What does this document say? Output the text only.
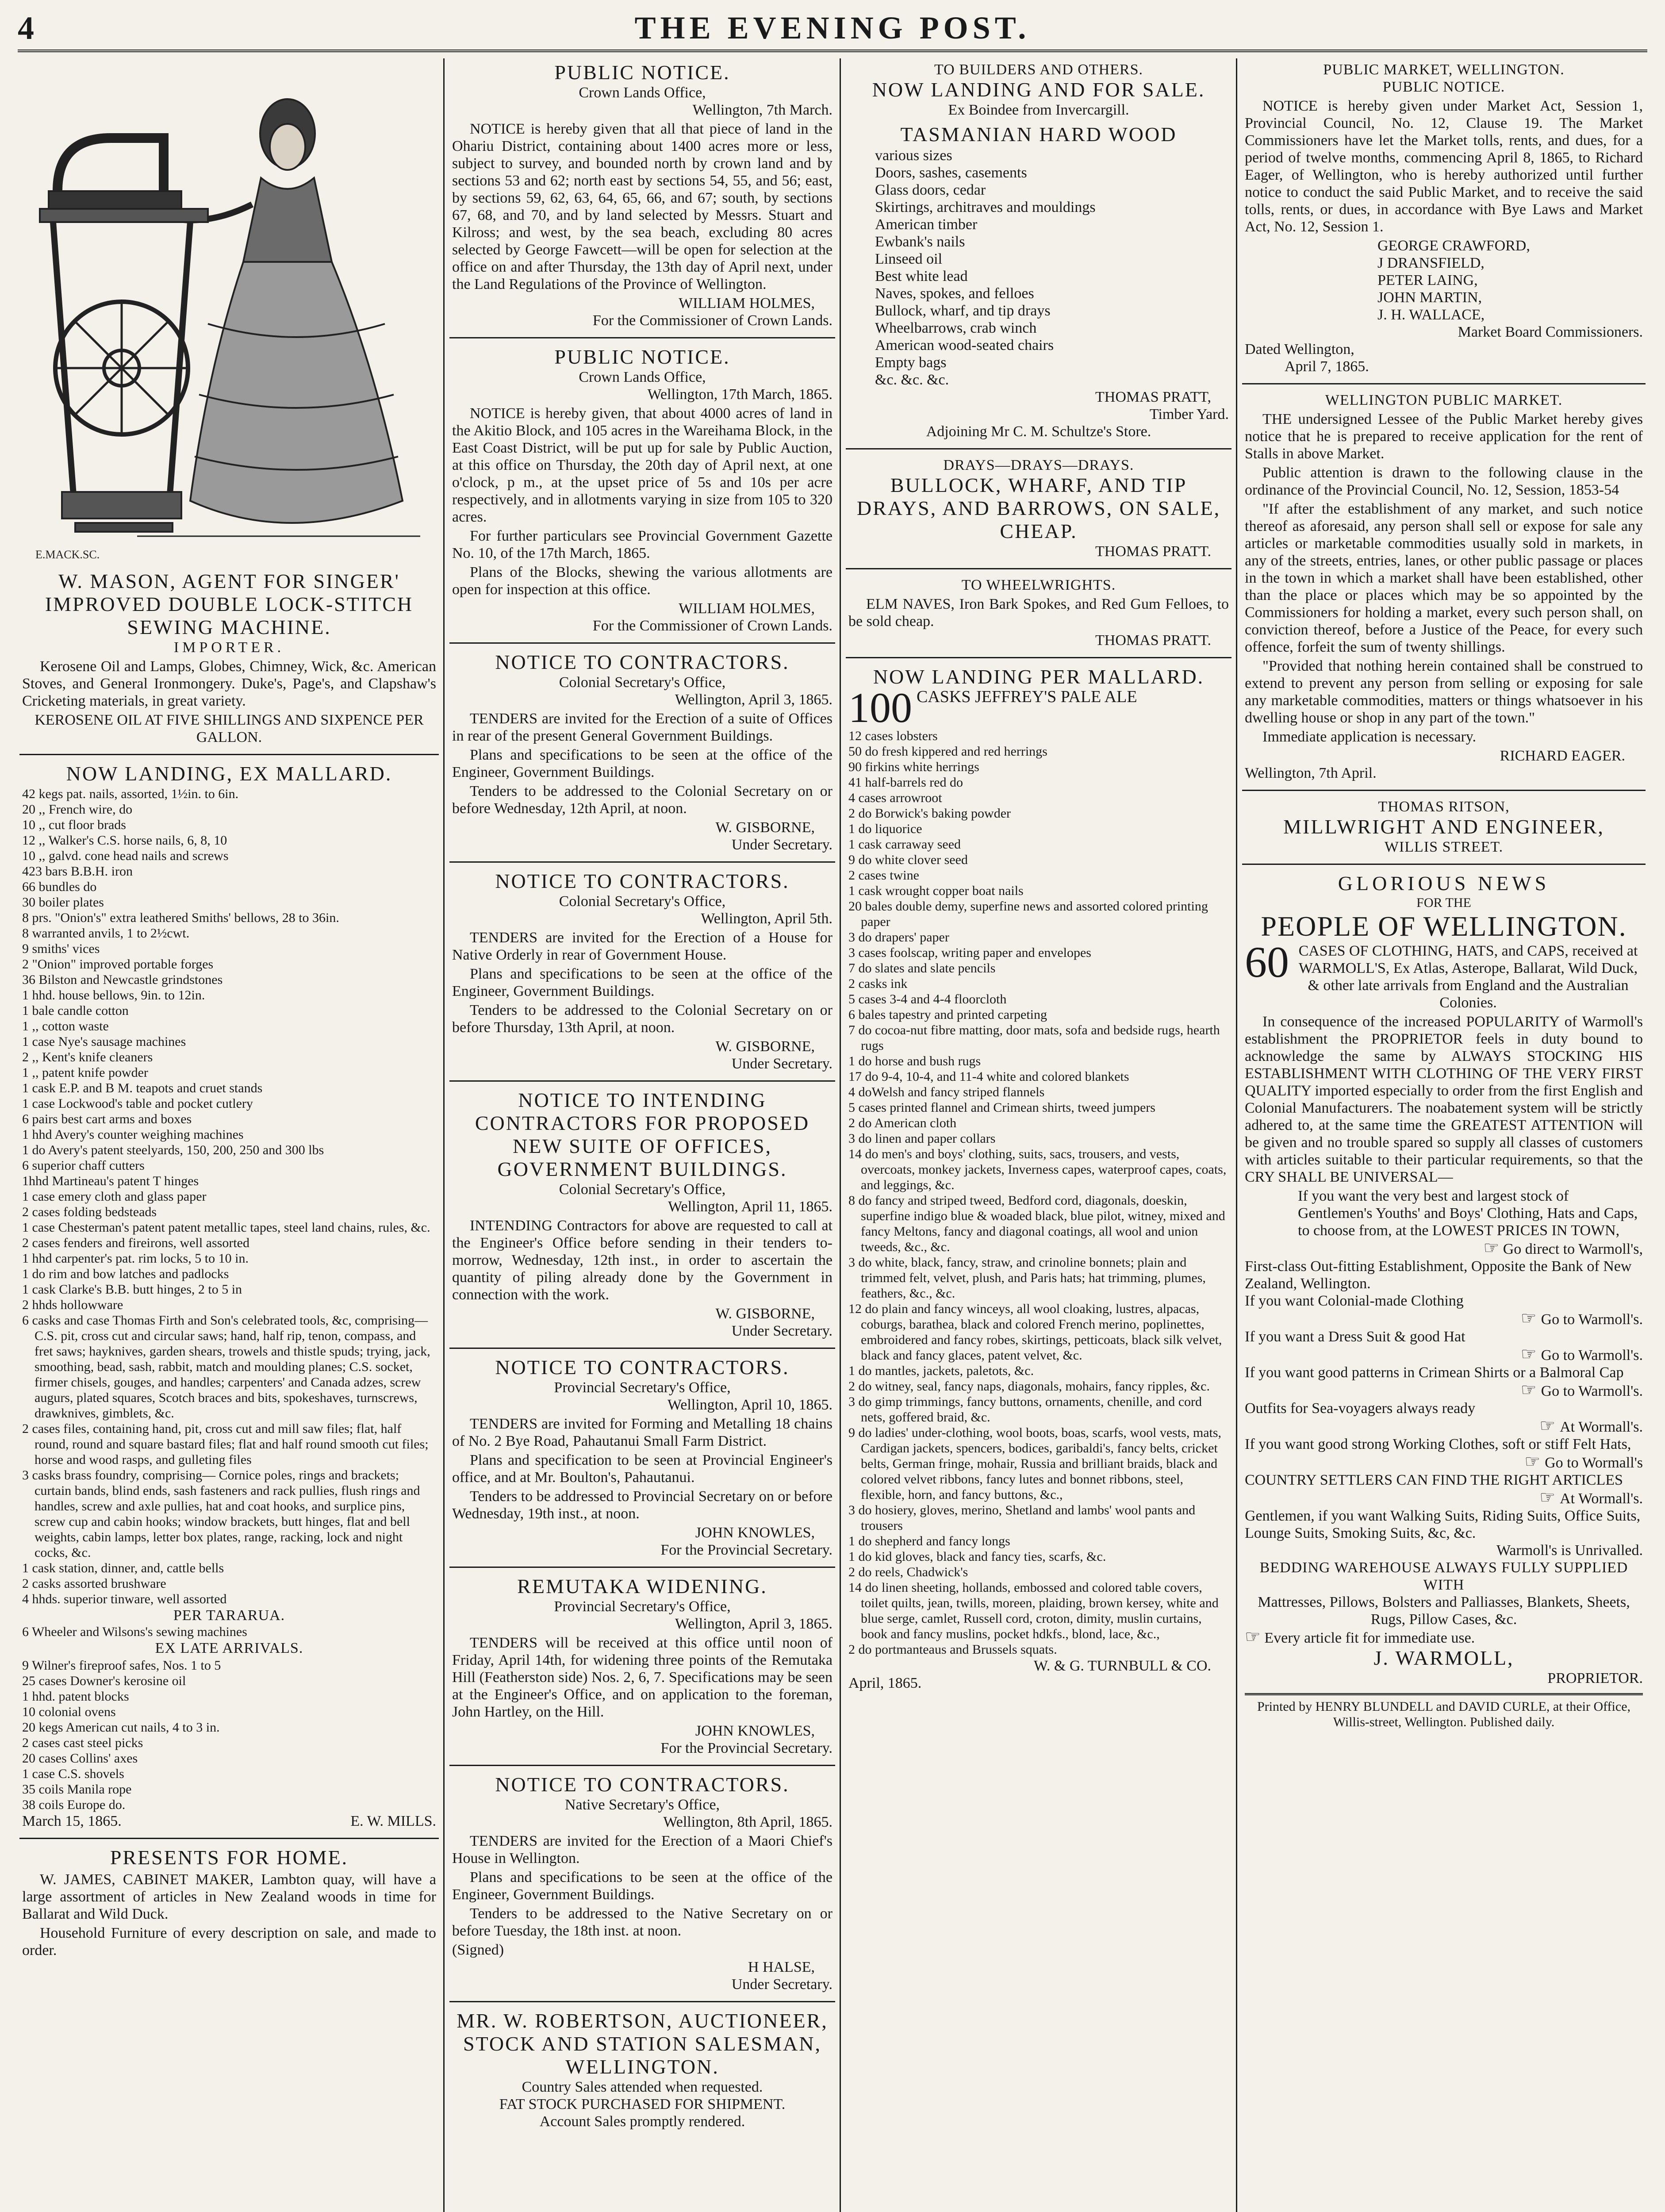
4	THE EVENING POST.
E.MACK.SC.
W. MASON, AGENT FOR SINGER' IMPROVED DOUBLE LOCK-STITCH SEWING MACHINE.
IMPORTER.
Kerosene Oil and Lamps, Globes, Chimney, Wick, &c. American Stoves, and General Ironmongery. Duke's, Page's, and Clapshaw's Cricketing materials, in great variety.
KEROSENE OIL AT FIVE SHILLINGS AND SIXPENCE PER GALLON.
NOW LANDING, EX MALLARD.
42 kegs pat. nails, assorted, 1½in. to 6in.
20 ,, French wire, do
10 ,, cut floor brads
12 ,, Walker's C.S. horse nails, 6, 8, 10
10 ,, galvd. cone head nails and screws
423 bars B.B.H. iron
66 bundles do
30 boiler plates
8 prs. "Onion's" extra leathered Smiths' bellows, 28 to 36in.
8 warranted anvils, 1 to 2½cwt.
9 smiths' vices
2 "Onion" improved portable forges
36 Bilston and Newcastle grindstones
1 hhd. house bellows, 9in. to 12in.
1 bale candle cotton
1 ,, cotton waste
1 case Nye's sausage machines
2 ,, Kent's knife cleaners
1 ,, patent knife powder
1 cask E.P. and B M. teapots and cruet stands
1 case Lockwood's table and pocket cutlery
6 pairs best cart arms and boxes
1 hhd Avery's counter weighing machines
1 do Avery's patent steelyards, 150, 200, 250 and 300 lbs
6 superior chaff cutters
1hhd Martineau's patent T hinges
1 case emery cloth and glass paper
2 cases folding bedsteads
1 case Chesterman's patent patent metallic tapes, steel land chains, rules, &c.
2 cases fenders and fireirons, well assorted
1 hhd carpenter's pat. rim locks, 5 to 10 in.
1 do rim and bow latches and padlocks
1 cask Clarke's B.B. butt hinges, 2 to 5 in
2 hhds hollowware
6 casks and case Thomas Firth and Son's celebrated tools, &c, comprising— C.S. pit, cross cut and circular saws; hand, half rip, tenon, compass, and fret saws; hayknives, garden shears, trowels and thistle spuds; trying, jack, smoothing, bead, sash, rabbit, match and moulding planes; C.S. socket, firmer chisels, gouges, and handles; carpenters' and Canada adzes, screw augurs, plated squares, Scotch braces and bits, spokeshaves, turnscrews, drawknives, gimblets, &c.
2 cases files, containing hand, pit, cross cut and mill saw files; flat, half round, round and square bastard files; flat and half round smooth cut files; horse and wood rasps, and gulleting files
3 casks brass foundry, comprising— Cornice poles, rings and brackets; curtain bands, blind ends, sash fasteners and rack pullies, flush rings and handles, screw and axle pullies, hat and coat hooks, and surplice pins, screw cup and cabin hooks; window brackets, butt hinges, flat and bell weights, cabin lamps, letter box plates, range, racking, lock and night cocks, &c.
1 cask station, dinner, and, cattle bells
2 casks assorted brushware
4 hhds. superior tinware, well assorted
PER TARARUA.
6 Wheeler and Wilsons's sewing machines
EX LATE ARRIVALS.
9 Wilner's fireproof safes, Nos. 1 to 5
25 cases Downer's kerosine oil
1 hhd. patent blocks
10 colonial ovens
20 kegs American cut nails, 4 to 3 in.
2 cases cast steel picks
20 cases Collins' axes
1 case C.S. shovels
35 coils Manila rope
38 coils Europe do.
March 15, 1865.	E. W. MILLS.
PRESENTS FOR HOME.
W. JAMES, CABINET MAKER, Lambton quay, will have a large assortment of articles in New Zealand woods in time for Ballarat and Wild Duck.
Household Furniture of every description on sale, and made to order.
PUBLIC NOTICE.
Crown Lands Office,
Wellington, 7th March.
NOTICE is hereby given that all that piece of land in the Ohariu District, containing about 1400 acres more or less, subject to survey, and bounded north by crown land and by sections 53 and 62; north east by sections 54, 55, and 56; east, by sections 59, 62, 63, 64, 65, 66, and 67; south, by sections 67, 68, and 70, and by land selected by Messrs. Stuart and Kilross; and west, by the sea beach, excluding 80 acres selected by George Fawcett—will be open for selection at the office on and after Thursday, the 13th day of April next, under the Land Regulations of the Province of Wellington.
WILLIAM HOLMES,
For the Commissioner of Crown Lands.
PUBLIC NOTICE.
Crown Lands Office,
Wellington, 17th March, 1865.
NOTICE is hereby given, that about 4000 acres of land in the Akitio Block, and 105 acres in the Wareihama Block, in the East Coast District, will be put up for sale by Public Auction, at this office on Thursday, the 20th day of April next, at one o'clock, p m., at the upset price of 5s and 10s per acre respectively, and in allotments varying in size from 105 to 320 acres.
For further particulars see Provincial Government Gazette No. 10, of the 17th March, 1865.
Plans of the Blocks, shewing the various allotments are open for inspection at this office.
WILLIAM HOLMES,
For the Commissioner of Crown Lands.
NOTICE TO CONTRACTORS.
Colonial Secretary's Office,
Wellington, April 3, 1865.
TENDERS are invited for the Erection of a suite of Offices in rear of the present General Government Buildings.
Plans and specifications to be seen at the office of the Engineer, Government Buildings.
Tenders to be addressed to the Colonial Secretary on or before Wednesday, 12th April, at noon.
W. GISBORNE,
Under Secretary.
NOTICE TO CONTRACTORS.
Colonial Secretary's Office,
Wellington, April 5th.
TENDERS are invited for the Erection of a House for Native Orderly in rear of Government House.
Plans and specifications to be seen at the office of the Engineer, Government Buildings.
Tenders to be addressed to the Colonial Secretary on or before Thursday, 13th April, at noon.
W. GISBORNE,
Under Secretary.
NOTICE TO INTENDING CONTRACTORS FOR PROPOSED NEW SUITE OF OFFICES, GOVERNMENT BUILDINGS.
Colonial Secretary's Office,
Wellington, April 11, 1865.
INTENDING Contractors for above are requested to call at the Engineer's Office before sending in their tenders to-morrow, Wednesday, 12th inst., in order to ascertain the quantity of piling already done by the Government in connection with the work.
W. GISBORNE,
Under Secretary.
NOTICE TO CONTRACTORS.
Provincial Secretary's Office,
Wellington, April 10, 1865.
TENDERS are invited for Forming and Metalling 18 chains of No. 2 Bye Road, Pahautanui Small Farm District.
Plans and specification to be seen at Provincial Engineer's office, and at Mr. Boulton's, Pahautanui.
Tenders to be addressed to Provincial Secretary on or before Wednesday, 19th inst., at noon.
JOHN KNOWLES,
For the Provincial Secretary.
REMUTAKA WIDENING.
Provincial Secretary's Office,
Wellington, April 3, 1865.
TENDERS will be received at this office until noon of Friday, April 14th, for widening three points of the Remutaka Hill (Featherston side) Nos. 2, 6, 7. Specifications may be seen at the Engineer's Office, and on application to the foreman, John Hartley, on the Hill.
JOHN KNOWLES,
For the Provincial Secretary.
NOTICE TO CONTRACTORS.
Native Secretary's Office,
Wellington, 8th April, 1865.
TENDERS are invited for the Erection of a Maori Chief's House in Wellington.
Plans and specifications to be seen at the office of the Engineer, Government Buildings.
Tenders to be addressed to the Native Secretary on or before Tuesday, the 18th inst. at noon.
(Signed)
H HALSE,
Under Secretary.
MR. W. ROBERTSON, AUCTIONEER, STOCK AND STATION SALESMAN, WELLINGTON.
Country Sales attended when requested.
FAT STOCK PURCHASED FOR SHIPMENT.
Account Sales promptly rendered.
TO BUILDERS AND OTHERS.
NOW LANDING AND FOR SALE.
Ex Boindee from Invercargill.
TASMANIAN HARD WOOD
various sizes
Doors, sashes, casements
Glass doors, cedar
Skirtings, architraves and mouldings
American timber
Ewbank's nails
Linseed oil
Best white lead
Naves, spokes, and felloes
Bullock, wharf, and tip drays
Wheelbarrows, crab winch
American wood-seated chairs
Empty bags
&c. &c. &c.
THOMAS PRATT,
Timber Yard.
Adjoining Mr C. M. Schultze's Store.
DRAYS—DRAYS—DRAYS.
BULLOCK, WHARF, AND TIP DRAYS, AND BARROWS, ON SALE, CHEAP.
THOMAS PRATT.
TO WHEELWRIGHTS.
ELM NAVES, Iron Bark Spokes, and Red Gum Felloes, to be sold cheap.
THOMAS PRATT.
NOW LANDING PER MALLARD.
100 CASKS JEFFREY'S PALE ALE
12 cases lobsters
50 do fresh kippered and red herrings
90 firkins white herrings
41 half-barrels red do
4 cases arrowroot
2 do Borwick's baking powder
1 do liquorice
1 cask carraway seed
9 do white clover seed
2 cases twine
1 cask wrought copper boat nails
20 bales double demy, superfine news and assorted colored printing paper
3 do drapers' paper
3 cases foolscap, writing paper and envelopes
7 do slates and slate pencils
2 casks ink
5 cases 3-4 and 4-4 floorcloth
6 bales tapestry and printed carpeting
7 do cocoa-nut fibre matting, door mats, sofa and bedside rugs, hearth rugs
1 do horse and bush rugs
17 do 9-4, 10-4, and 11-4 white and colored blankets
4 doWelsh and fancy striped flannels
5 cases printed flannel and Crimean shirts, tweed jumpers
2 do American cloth
3 do linen and paper collars
14 do men's and boys' clothing, suits, sacs, trousers, and vests, overcoats, monkey jackets, Inverness capes, waterproof capes, coats, and leggings, &c.
8 do fancy and striped tweed, Bedford cord, diagonals, doeskin, superfine indigo blue & woaded black, blue pilot, witney, mixed and fancy Meltons, fancy and diagonal coatings, all wool and union tweeds, &c., &c.
3 do white, black, fancy, straw, and crinoline bonnets; plain and trimmed felt, velvet, plush, and Paris hats; hat trimming, plumes, feathers, &c., &c.
12 do plain and fancy winceys, all wool cloaking, lustres, alpacas, coburgs, barathea, black and colored French merino, poplinettes, embroidered and fancy robes, skirtings, petticoats, black silk velvet, black and fancy glaces, patent velvet, &c.
1 do mantles, jackets, paletots, &c.
2 do witney, seal, fancy naps, diagonals, mohairs, fancy ripples, &c.
3 do gimp trimmings, fancy buttons, ornaments, chenille, and cord nets, goffered braid, &c.
9 do ladies' under-clothing, wool boots, boas, scarfs, wool vests, mats, Cardigan jackets, spencers, bodices, garibaldi's, fancy belts, cricket belts, German fringe, mohair, Russia and brilliant braids, black and colored velvet ribbons, fancy lutes and bonnet ribbons, steel, flexible, horn, and fancy buttons, &c.,
3 do hosiery, gloves, merino, Shetland and lambs' wool pants and trousers
1 do shepherd and fancy longs
1 do kid gloves, black and fancy ties, scarfs, &c.
2 do reels, Chadwick's
14 do linen sheeting, hollands, embossed and colored table covers, toilet quilts, jean, twills, moreen, plaiding, brown kersey, white and blue serge, camlet, Russell cord, croton, dimity, muslin curtains, book and fancy muslins, pocket hdkfs., blond, lace, &c.,
2 do portmanteaus and Brussels squats.
W. & G. TURNBULL & CO.
April, 1865.
PUBLIC MARKET, WELLINGTON.
PUBLIC NOTICE.
NOTICE is hereby given under Market Act, Session 1, Provincial Council, No. 12, Clause 19. The Market Commissioners have let the Market tolls, rents, and dues, for a period of twelve months, commencing April 8, 1865, to Richard Eager, of Wellington, who is hereby authorized until further notice to conduct the said Public Market, and to receive the said tolls, rents, or dues, in accordance with Bye Laws and Market Act, No. 12, Session 1.
GEORGE CRAWFORD,
J DRANSFIELD,
PETER LAING,
JOHN MARTIN,
J. H. WALLACE,
Market Board Commissioners.
Dated Wellington,
April 7, 1865.
WELLINGTON PUBLIC MARKET.
THE undersigned Lessee of the Public Market hereby gives notice that he is prepared to receive application for the rent of Stalls in above Market.
Public attention is drawn to the following clause in the ordinance of the Provincial Council, No. 12, Session, 1853-54
"If after the establishment of any market, and such notice thereof as aforesaid, any person shall sell or expose for sale any articles or marketable commodities usually sold in markets, in any of the streets, entries, lanes, or other public passage or places in the town in which a market shall have been established, other than the place or places which may be so appointed by the Commissioners for holding a market, every such person shall, on conviction thereof, before a Justice of the Peace, for every such offence, forfeit the sum of twenty shillings.
"Provided that nothing herein contained shall be construed to extend to prevent any person from selling or exposing for sale any marketable commodities, matters or things whatsoever in his dwelling house or shop in any part of the town."
Immediate application is necessary.
RICHARD EAGER.
Wellington, 7th April.
THOMAS RITSON,
MILLWRIGHT AND ENGINEER,
WILLIS STREET.
GLORIOUS NEWS
FOR THE
PEOPLE OF WELLINGTON.
60 CASES OF CLOTHING, HATS, and CAPS, received at WARMOLL'S, Ex Atlas, Asterope, Ballarat, Wild Duck, & other late arrivals from England and the Australian Colonies.
In consequence of the increased POPULARITY of Warmoll's establishment the PROPRIETOR feels in duty bound to acknowledge the same by ALWAYS STOCKING HIS ESTABLISHMENT WITH CLOTHING OF THE VERY FIRST QUALITY imported especially to order from the first English and Colonial Manufacturers. The noabatement system will be strictly adhered to, at the same time the GREATEST ATTENTION will be given and no trouble spared so supply all classes of customers with articles suitable to their particular requirements, so that the CRY SHALL BE UNIVERSAL—
If you want the very best and largest stock of Gentlemen's Youths' and Boys' Clothing, Hats and Caps, to choose from, at the LOWEST PRICES IN TOWN,
☞ Go direct to Warmoll's,
First-class Out-fitting Establishment, Opposite the Bank of New Zealand, Wellington.
If you want Colonial-made Clothing
☞ Go to Warmoll's.
If you want a Dress Suit & good Hat
☞ Go to Warmoll's.
If you want good patterns in Crimean Shirts or a Balmoral Cap
☞ Go to Warmoll's.
Outfits for Sea-voyagers always ready
☞ At Wormall's.
If you want good strong Working Clothes, soft or stiff Felt Hats,
☞ Go to Wormall's
COUNTRY SETTLERS CAN FIND THE RIGHT ARTICLES
☞ At Wormall's.
Gentlemen, if you want Walking Suits, Riding Suits, Office Suits, Lounge Suits, Smoking Suits, &c, &c.
Warmoll's is Unrivalled.
BEDDING WAREHOUSE ALWAYS FULLY SUPPLIED WITH
Mattresses, Pillows, Bolsters and Palliasses, Blankets, Sheets, Rugs, Pillow Cases, &c.
☞ Every article fit for immediate use.
J. WARMOLL,
PROPRIETOR.
Printed by HENRY BLUNDELL and DAVID CURLE, at their Office, Willis-street, Wellington. Published daily.
